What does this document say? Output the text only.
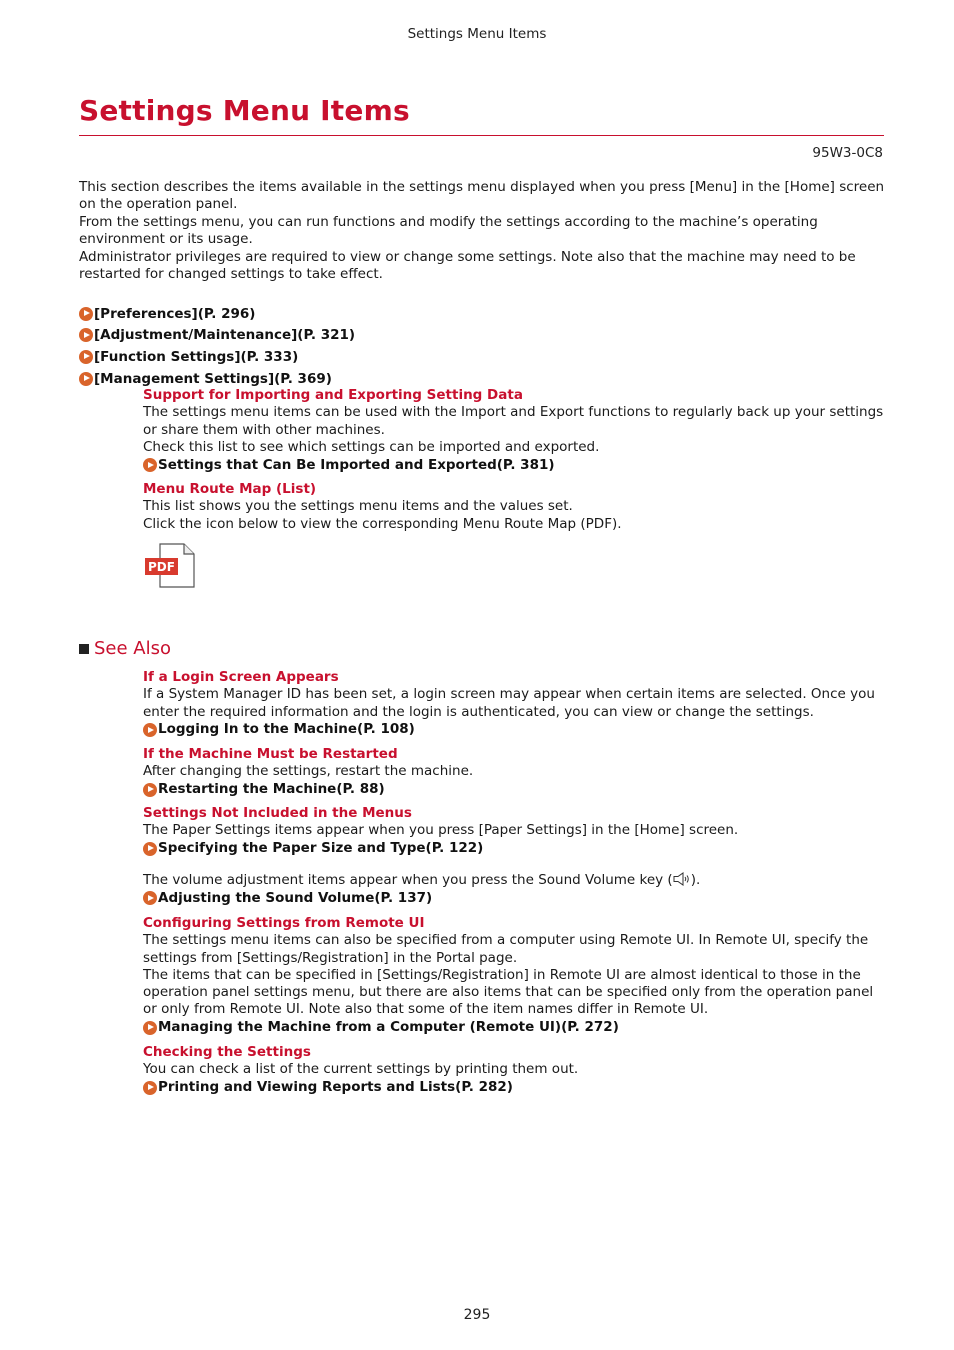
Settings Menu Items
Settings Menu Items
95W3-0C8

This section describes the items available in the settings menu displayed when you press [Menu] in the [Home] screen on the operation panel.

From the settings menu, you can run functions and modify the settings according to the machine’s operating environment or its usage.

Administrator privileges are required to view or change some settings. Note also that the machine may need to be restarted for changed settings to take effect.

[Preferences](P. 296)
[Adjustment/Maintenance](P. 321)
[Function Settings](P. 333)
[Management Settings](P. 369)
Support for Importing and Exporting Setting Data

The settings menu items can be used with the Import and Export functions to regularly back up your settings or share them with other machines.

Check this list to see which settings can be imported and exported.

Settings that Can Be Imported and Exported(P. 381)
Menu Route Map (List)

This list shows you the settings menu items and the values set.

Click the icon below to view the corresponding Menu Route Map (PDF).

PDF
See Also
If a Login Screen Appears

If a System Manager ID has been set, a login screen may appear when certain items are selected. Once you enter the required information and the login is authenticated, you can view or change the settings.

Logging In to the Machine(P. 108)
If the Machine Must be Restarted

After changing the settings, restart the machine.

Restarting the Machine(P. 88)
Settings Not Included in the Menus

The Paper Settings items appear when you press [Paper Settings] in the [Home] screen.

Specifying the Paper Size and Type(P. 122)

The volume adjustment items appear when you press the Sound Volume key ( ).

Adjusting the Sound Volume(P. 137)
Configuring Settings from Remote UI

The settings menu items can also be specified from a computer using Remote UI. In Remote UI, specify the settings from [Settings/Registration] in the Portal page.

The items that can be specified in [Settings/Registration] in Remote UI are almost identical to those in the operation panel settings menu, but there are also items that can be specified only from the operation panel or only from Remote UI. Note also that some of the item names differ in Remote UI.

Managing the Machine from a Computer (Remote UI)(P. 272)
Checking the Settings

You can check a list of the current settings by printing them out.

Printing and Viewing Reports and Lists(P. 282)
295
